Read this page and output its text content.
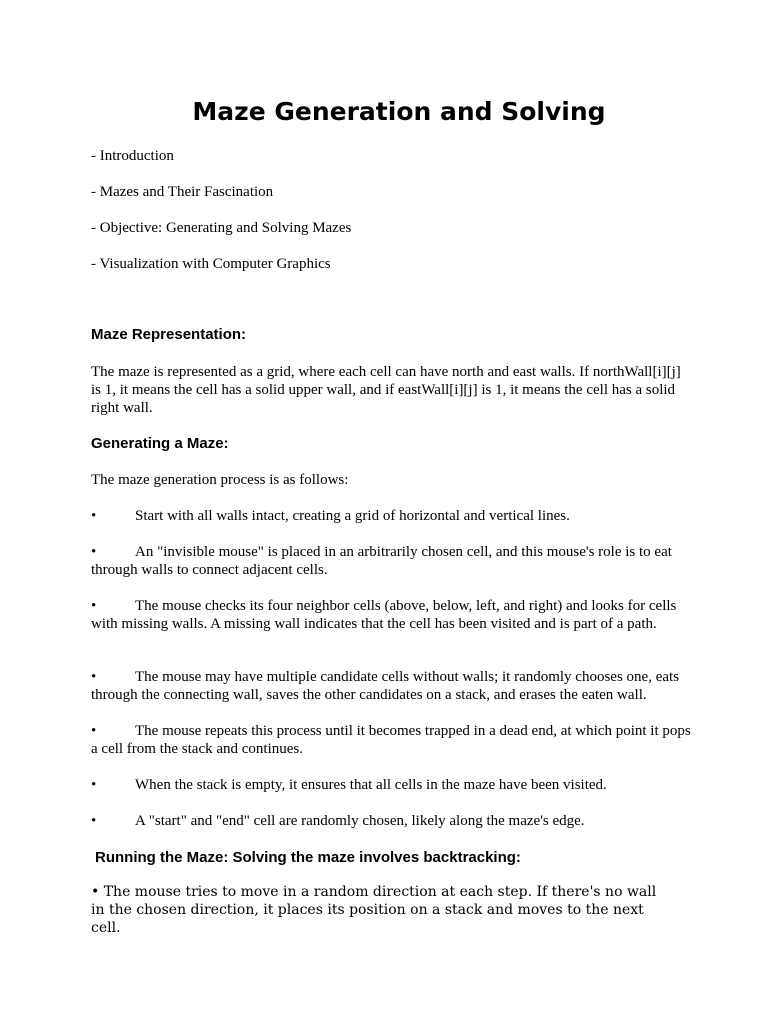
Maze Generation and Solving

- Introduction

- Mazes and Their Fascination

- Objective: Generating and Solving Mazes

- Visualization with Computer Graphics

Maze Representation:

The maze is represented as a grid, where each cell can have north and east walls. If northWall[i][j] is 1, it means the cell has a solid upper wall, and if eastWall[i][j] is 1, it means the cell has a solid right wall.

Generating a Maze:

The maze generation process is as follows:

•	Start with all walls intact, creating a grid of horizontal and vertical lines.

•	An "invisible mouse" is placed in an arbitrarily chosen cell, and this mouse's role is to eat through walls to connect adjacent cells.

•	The mouse checks its four neighbor cells (above, below, left, and right) and looks for cells with missing walls. A missing wall indicates that the cell has been visited and is part of a path.

•	The mouse may have multiple candidate cells without walls; it randomly chooses one, eats through the connecting wall, saves the other candidates on a stack, and erases the eaten wall.

•	The mouse repeats this process until it becomes trapped in a dead end, at which point it pops a cell from the stack and continues.

•	When the stack is empty, it ensures that all cells in the maze have been visited.

•	A "start" and "end" cell are randomly chosen, likely along the maze's edge.

Running the Maze: Solving the maze involves backtracking:

• The mouse tries to move in a random direction at each step. If there's no wall in the chosen direction, it places its position on a stack and moves to the next cell.
